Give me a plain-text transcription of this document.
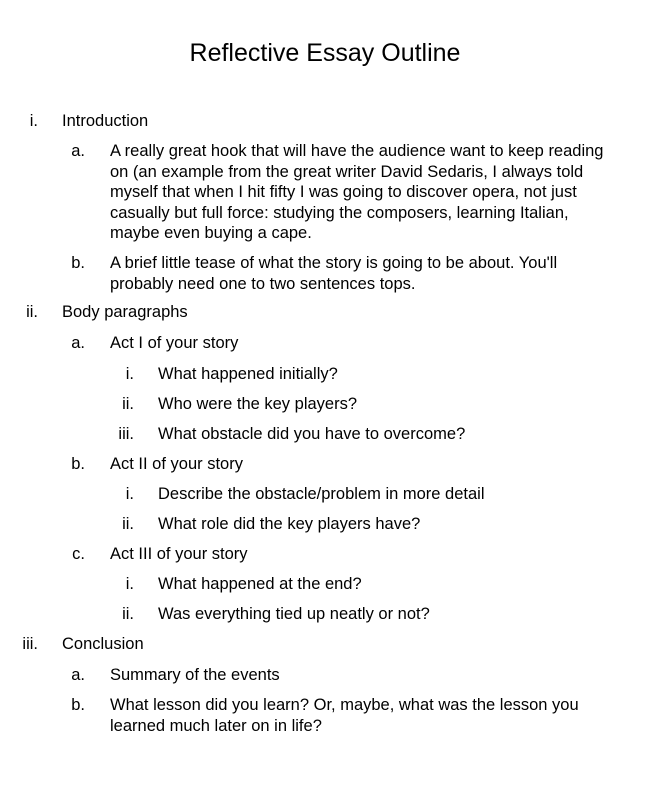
Reflective Essay Outline
i. Introduction
a. A really great hook that will have the audience want to keep reading
on (an example from the great writer David Sedaris, I always told
myself that when I hit fifty I was going to discover opera, not just
casually but full force: studying the composers, learning Italian,
maybe even buying a cape.
b. A brief little tease of what the story is going to be about. You'll
probably need one to two sentences tops.
ii. Body paragraphs
a. Act I of your story
i. What happened initially?
ii. Who were the key players?
iii. What obstacle did you have to overcome?
b. Act II of your story
i. Describe the obstacle/problem in more detail
ii. What role did the key players have?
c. Act III of your story
i. What happened at the end?
ii. Was everything tied up neatly or not?
iii. Conclusion
a. Summary of the events
b. What lesson did you learn? Or, maybe, what was the lesson you
learned much later on in life?
